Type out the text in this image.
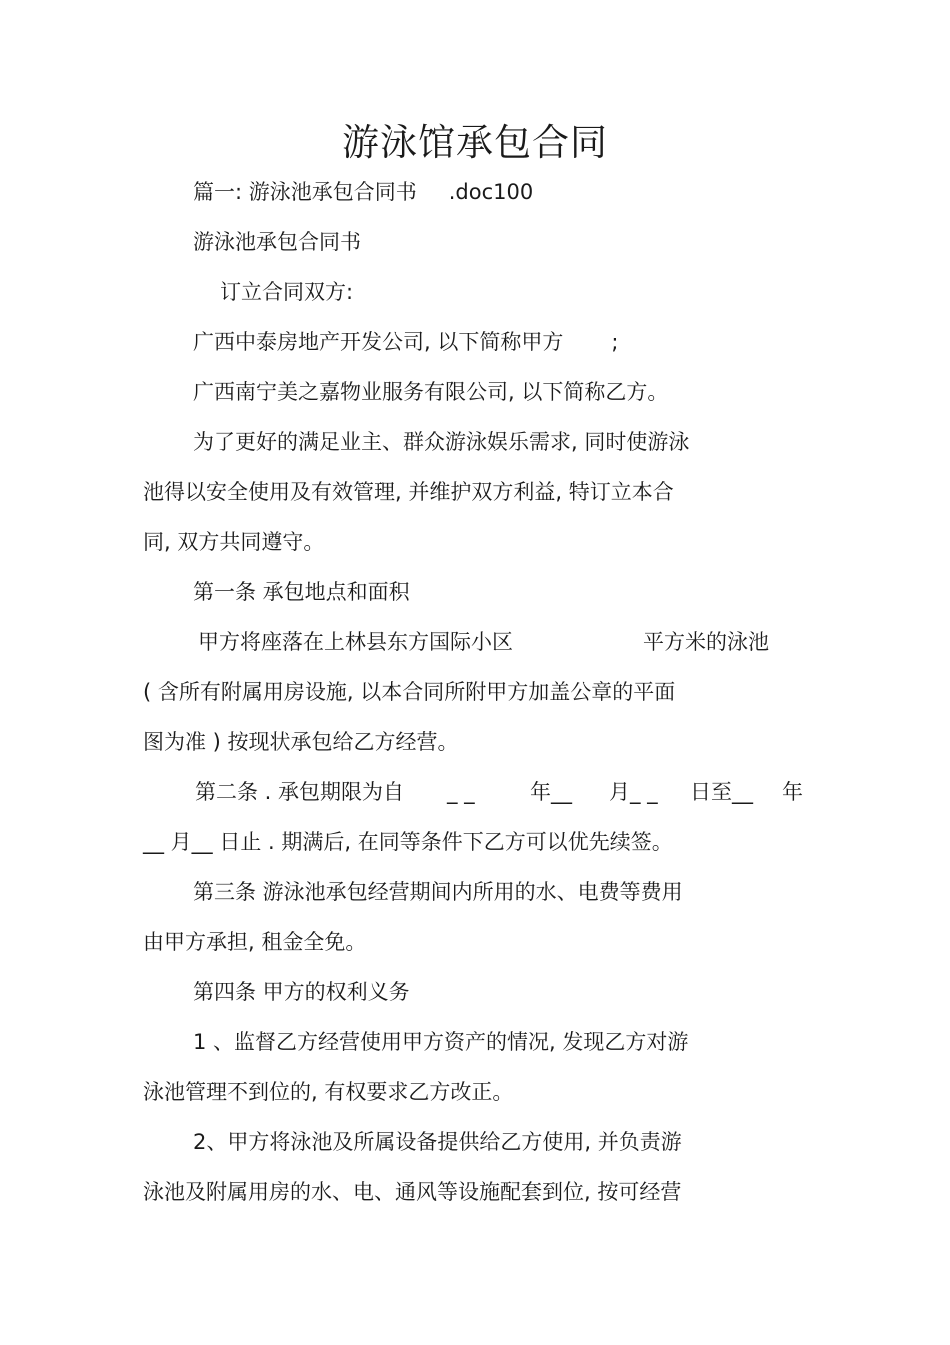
游泳馆承包合同

篇一: 游泳池承包合同书 .doc100

游泳池承包合同书

订立合同双方:

广西中泰房地产开发公司, 以下简称甲方 ;

广西南宁美之嘉物业服务有限公司, 以下简称乙方。

为了更好的满足业主、群众游泳娱乐需求, 同时使游泳

池得以安全使用及有效管理, 并维护双方利益, 特订立本合

同, 双方共同遵守。

第一条 承包地点和面积

甲方将座落在上林县东方国际小区	平方米的泳池

( 含所有附属用房设施, 以本合同所附甲方加盖公章的平面

图为准 ) 按现状承包给乙方经营。

第二条 . 承包期限为自 _ _	年__ 月_ _ 日至__ 年

__ 月__ 日止 . 期满后, 在同等条件下乙方可以优先续签。

第三条 游泳池承包经营期间内所用的水、电费等费用

由甲方承担, 租金全免。

第四条 甲方的权利义务

1 、监督乙方经营使用甲方资产的情况, 发现乙方对游

泳池管理不到位的, 有权要求乙方改正。

2、甲方将泳池及所属设备提供给乙方使用, 并负责游

泳池及附属用房的水、电、通风等设施配套到位, 按可经营
